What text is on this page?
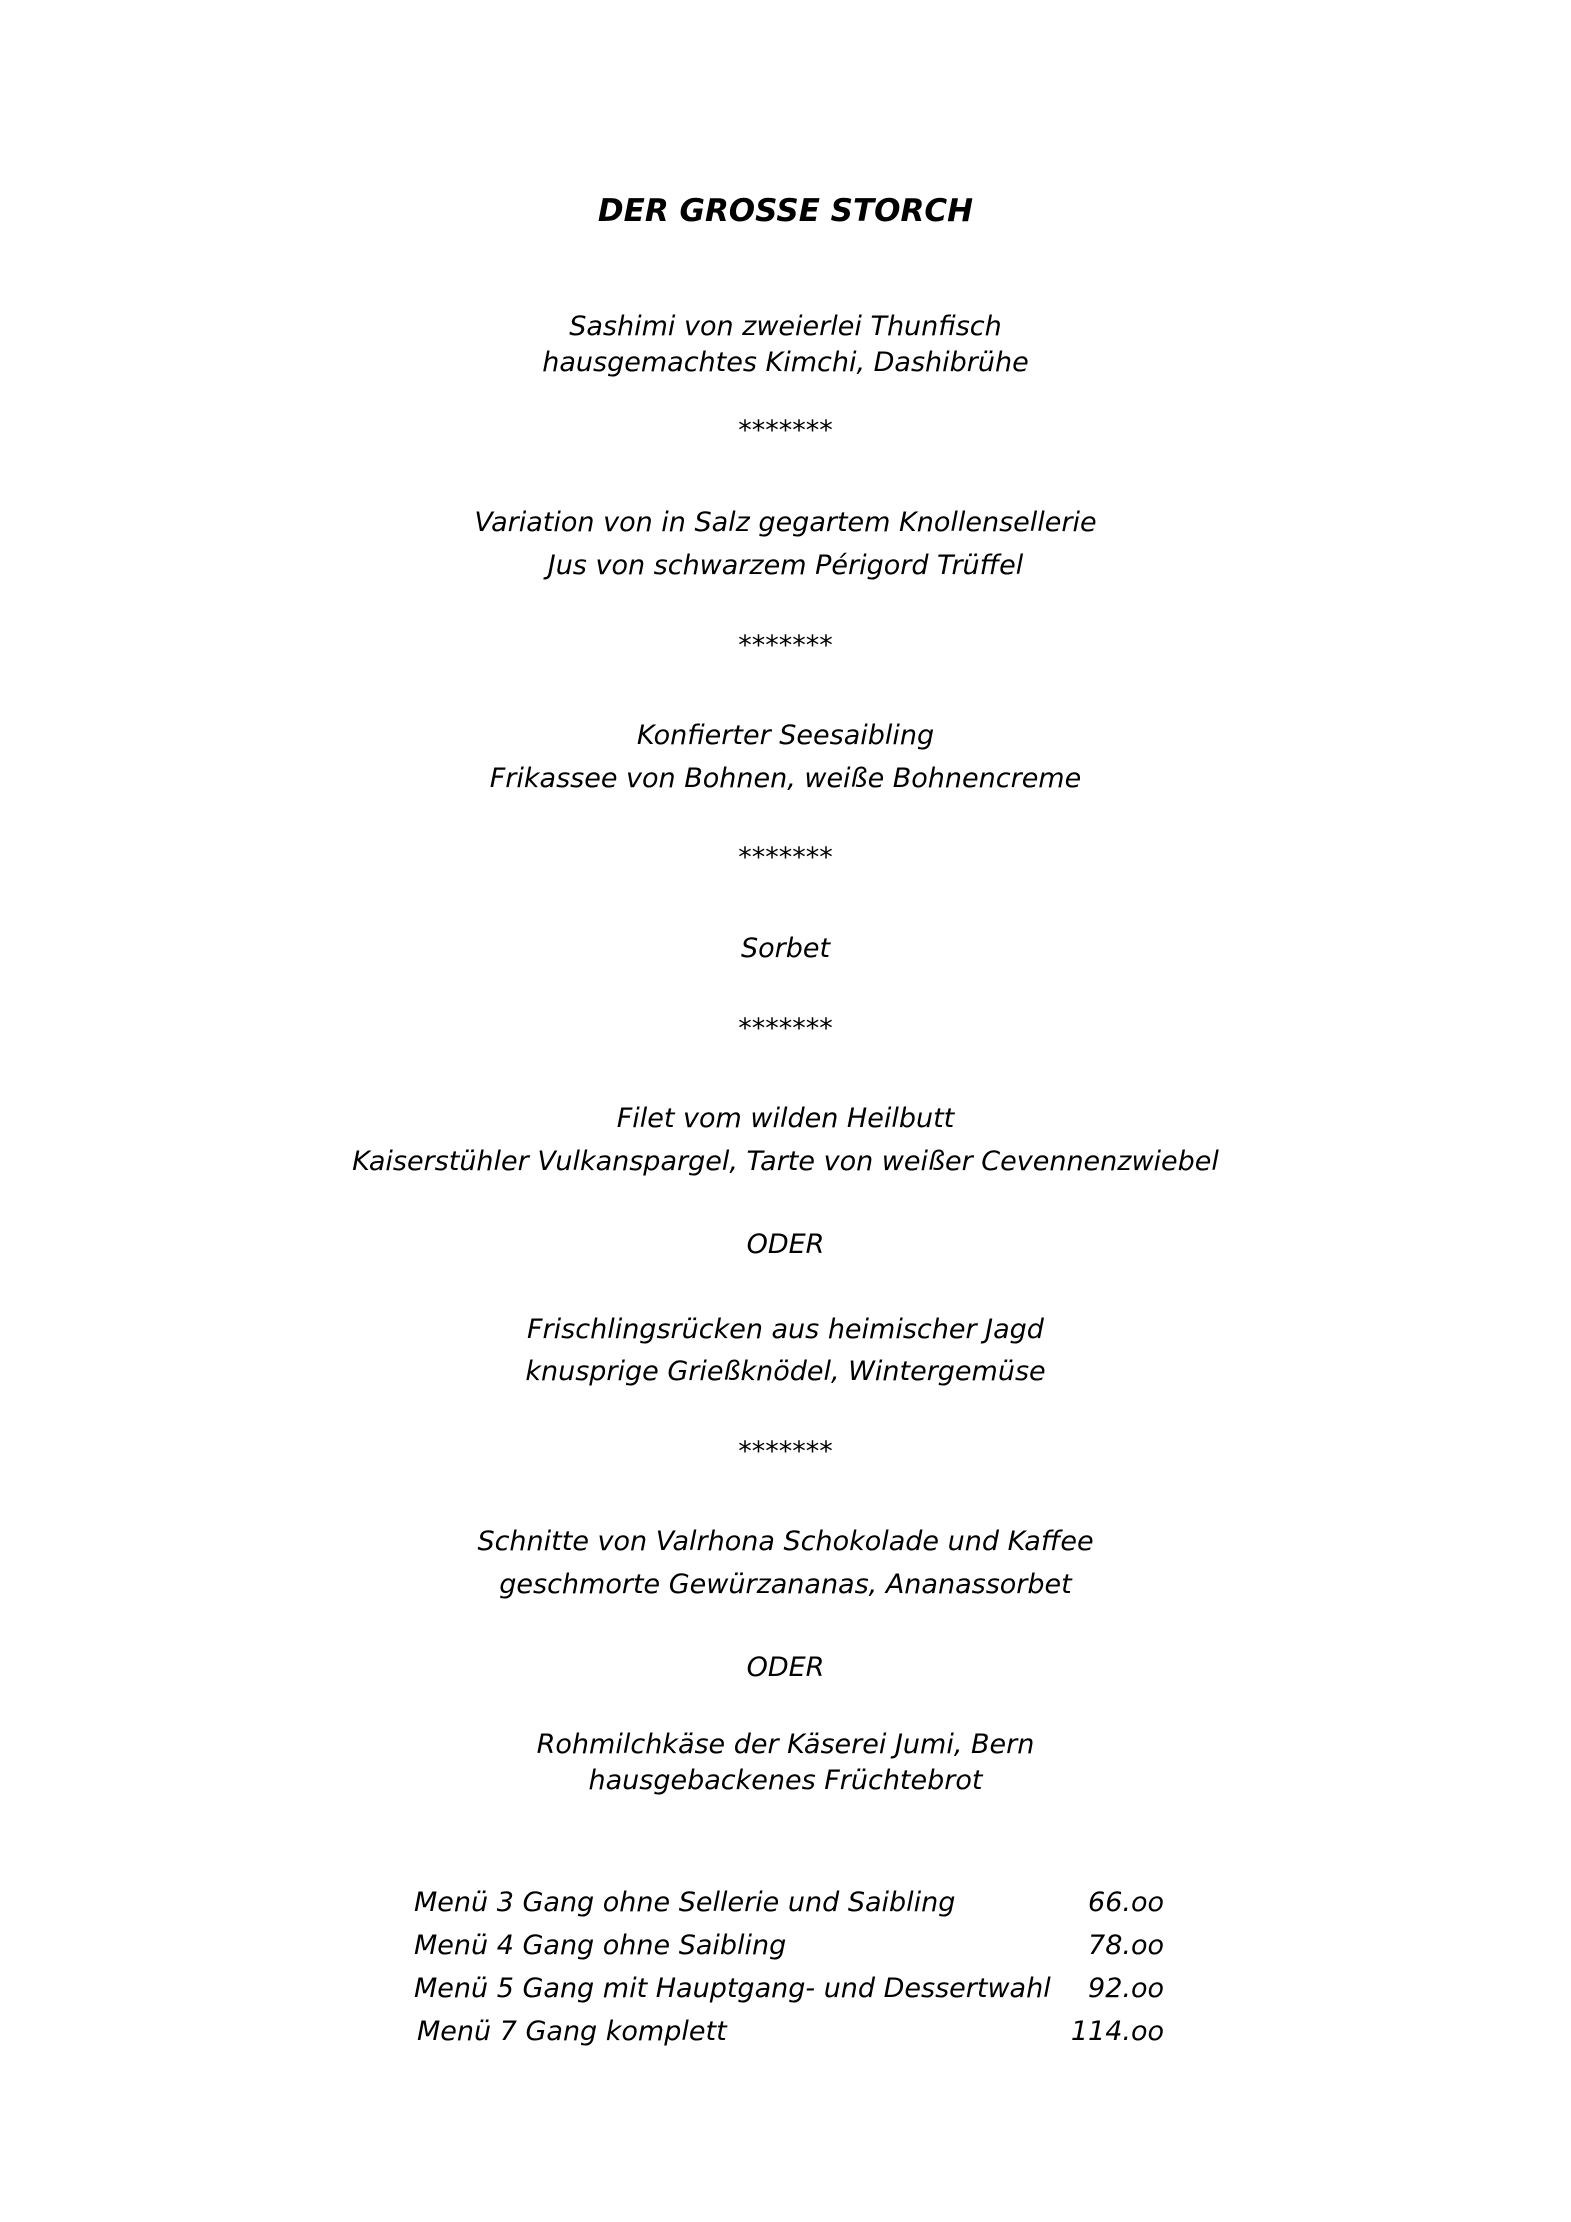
DER GROSSE STORCH
Sashimi von zweierlei Thunfisch
hausgemachtes Kimchi, Dashibrühe
*******
Variation von in Salz gegartem Knollensellerie
Jus von schwarzem Périgord Trüffel
*******
Konfierter Seesaibling
Frikassee von Bohnen, weiße Bohnencreme
*******
Sorbet
*******
Filet vom wilden Heilbutt
Kaiserstühler Vulkanspargel, Tarte von weißer Cevennenzwiebel
ODER
Frischlingsrücken aus heimischer Jagd
knusprige Grießknödel, Wintergemüse
*******
Schnitte von Valrhona Schokolade und Kaffee
geschmorte Gewürzananas, Ananassorbet
ODER
Rohmilchkäse der Käserei Jumi, Bern
hausgebackenes Früchtebrot
Menü 3 Gang ohne Sellerie und Saibling	66.oo
Menü 4 Gang ohne Saibling	78.oo
Menü 5 Gang mit Hauptgang- und Dessertwahl 92.oo
Menü 7 Gang komplett	114.oo
